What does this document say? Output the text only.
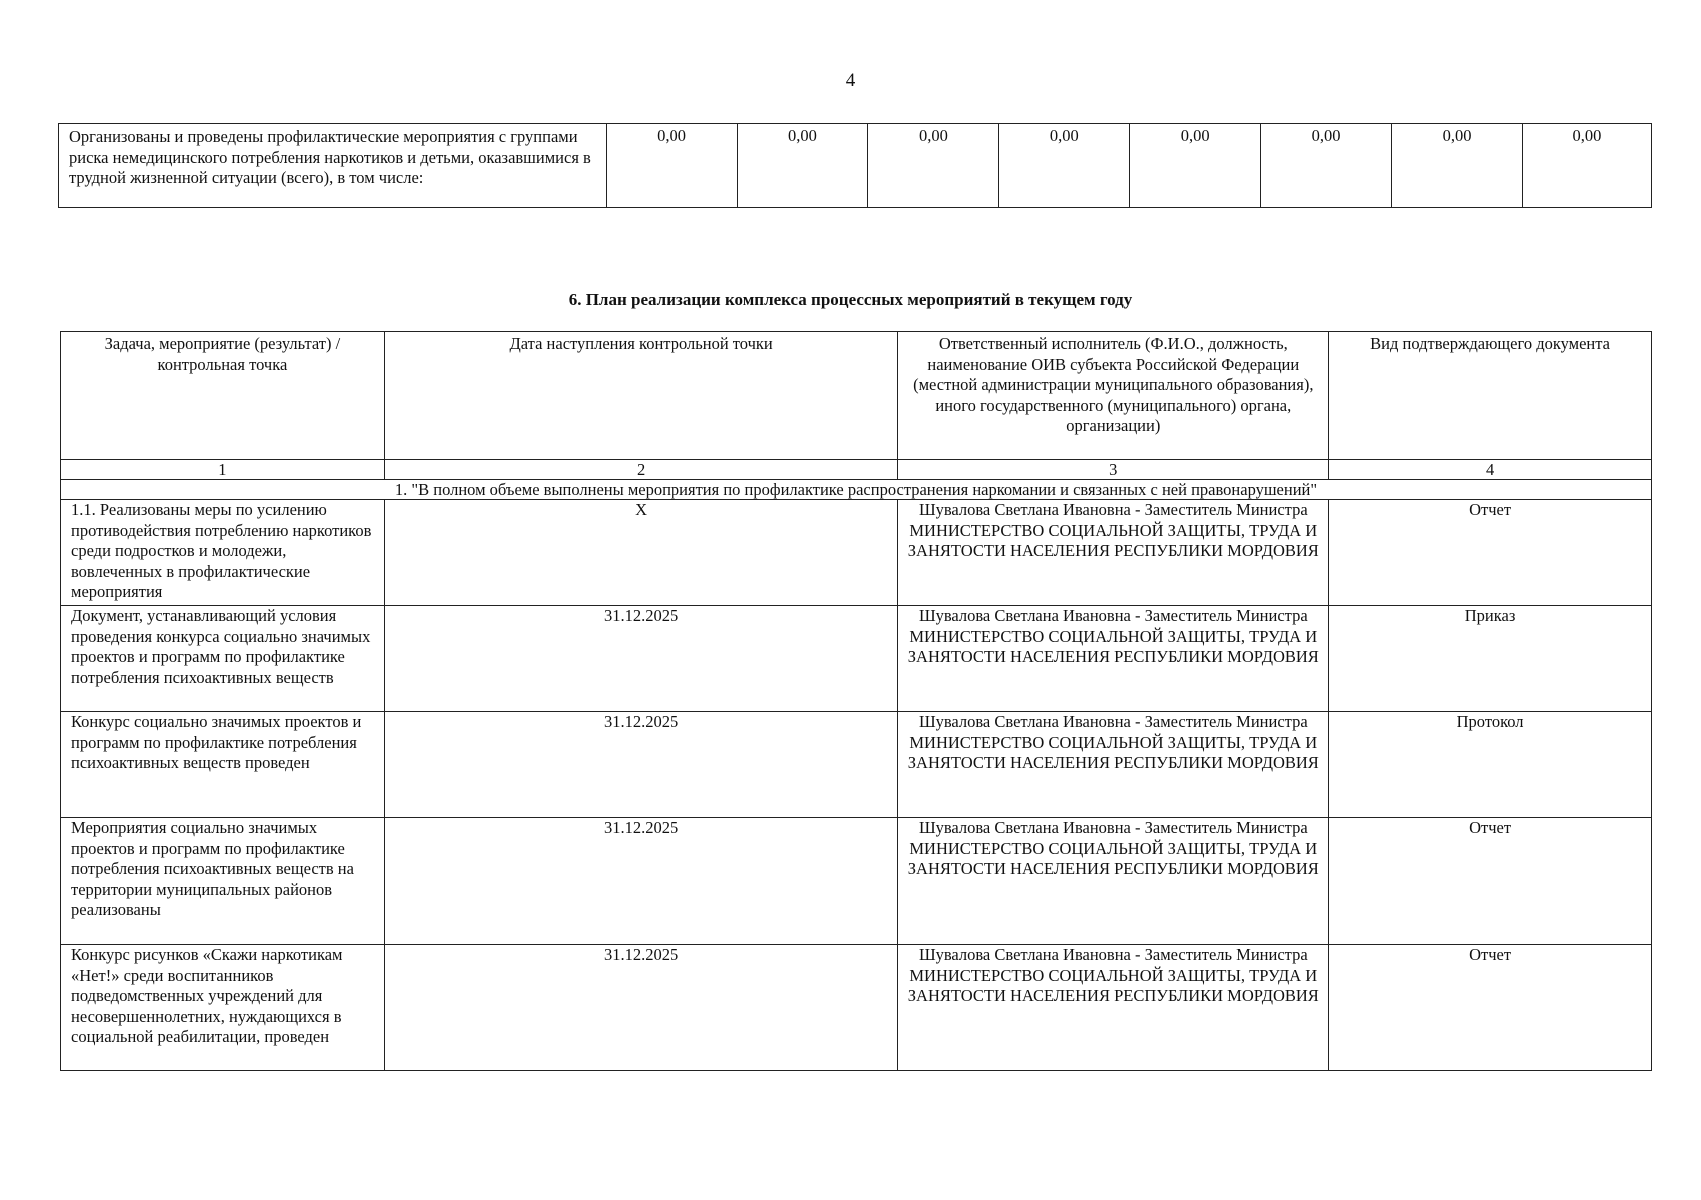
4
Организованы и проведены профилактические мероприятия с группами риска немедицинского потребления наркотиков и детьми, оказавшимися в трудной жизненной ситуации (всего), в том числе:	0,00	0,00	0,00	0,00	0,00	0,00	0,00	0,00
6. План реализации комплекса процессных мероприятий в текущем году
Задача, мероприятие (результат) / контрольная точка	Дата наступления контрольной точки	Ответственный исполнитель (Ф.И.О., должность, наименование ОИВ субъекта Российской Федерации (местной администрации муниципального образования), иного государственного (муниципального) органа, организации)	Вид подтверждающего документа
1	2	3	4
1. "В полном объеме выполнены мероприятия по профилактике распространения наркомании и связанных с ней правонарушений"			
1.1. Реализованы меры по усилению противодействия потреблению наркотиков среди подростков и молодежи, вовлеченных в профилактические мероприятия	X	Шувалова Светлана Ивановна - Заместитель Министра МИНИСТЕРСТВО СОЦИАЛЬНОЙ ЗАЩИТЫ, ТРУДА И ЗАНЯТОСТИ НАСЕЛЕНИЯ РЕСПУБЛИКИ МОРДОВИЯ	Отчет
Документ, устанавливающий условия проведения конкурса социально значимых проектов и программ по профилактике потребления психоактивных веществ	31.12.2025	Шувалова Светлана Ивановна - Заместитель Министра МИНИСТЕРСТВО СОЦИАЛЬНОЙ ЗАЩИТЫ, ТРУДА И ЗАНЯТОСТИ НАСЕЛЕНИЯ РЕСПУБЛИКИ МОРДОВИЯ	Приказ
Конкурс социально значимых проектов и программ по профилактике потребления психоактивных веществ проведен	31.12.2025	Шувалова Светлана Ивановна - Заместитель Министра МИНИСТЕРСТВО СОЦИАЛЬНОЙ ЗАЩИТЫ, ТРУДА И ЗАНЯТОСТИ НАСЕЛЕНИЯ РЕСПУБЛИКИ МОРДОВИЯ	Протокол
Мероприятия социально значимых проектов и программ по профилактике потребления психоактивных веществ на территории муниципальных районов реализованы	31.12.2025	Шувалова Светлана Ивановна - Заместитель Министра МИНИСТЕРСТВО СОЦИАЛЬНОЙ ЗАЩИТЫ, ТРУДА И ЗАНЯТОСТИ НАСЕЛЕНИЯ РЕСПУБЛИКИ МОРДОВИЯ	Отчет
Конкурс рисунков «Скажи наркотикам «Нет!» среди воспитанников подведомственных учреждений для несовершеннолетних, нуждающихся в социальной реабилитации, проведен	31.12.2025	Шувалова Светлана Ивановна - Заместитель Министра МИНИСТЕРСТВО СОЦИАЛЬНОЙ ЗАЩИТЫ, ТРУДА И ЗАНЯТОСТИ НАСЕЛЕНИЯ РЕСПУБЛИКИ МОРДОВИЯ	Отчет
